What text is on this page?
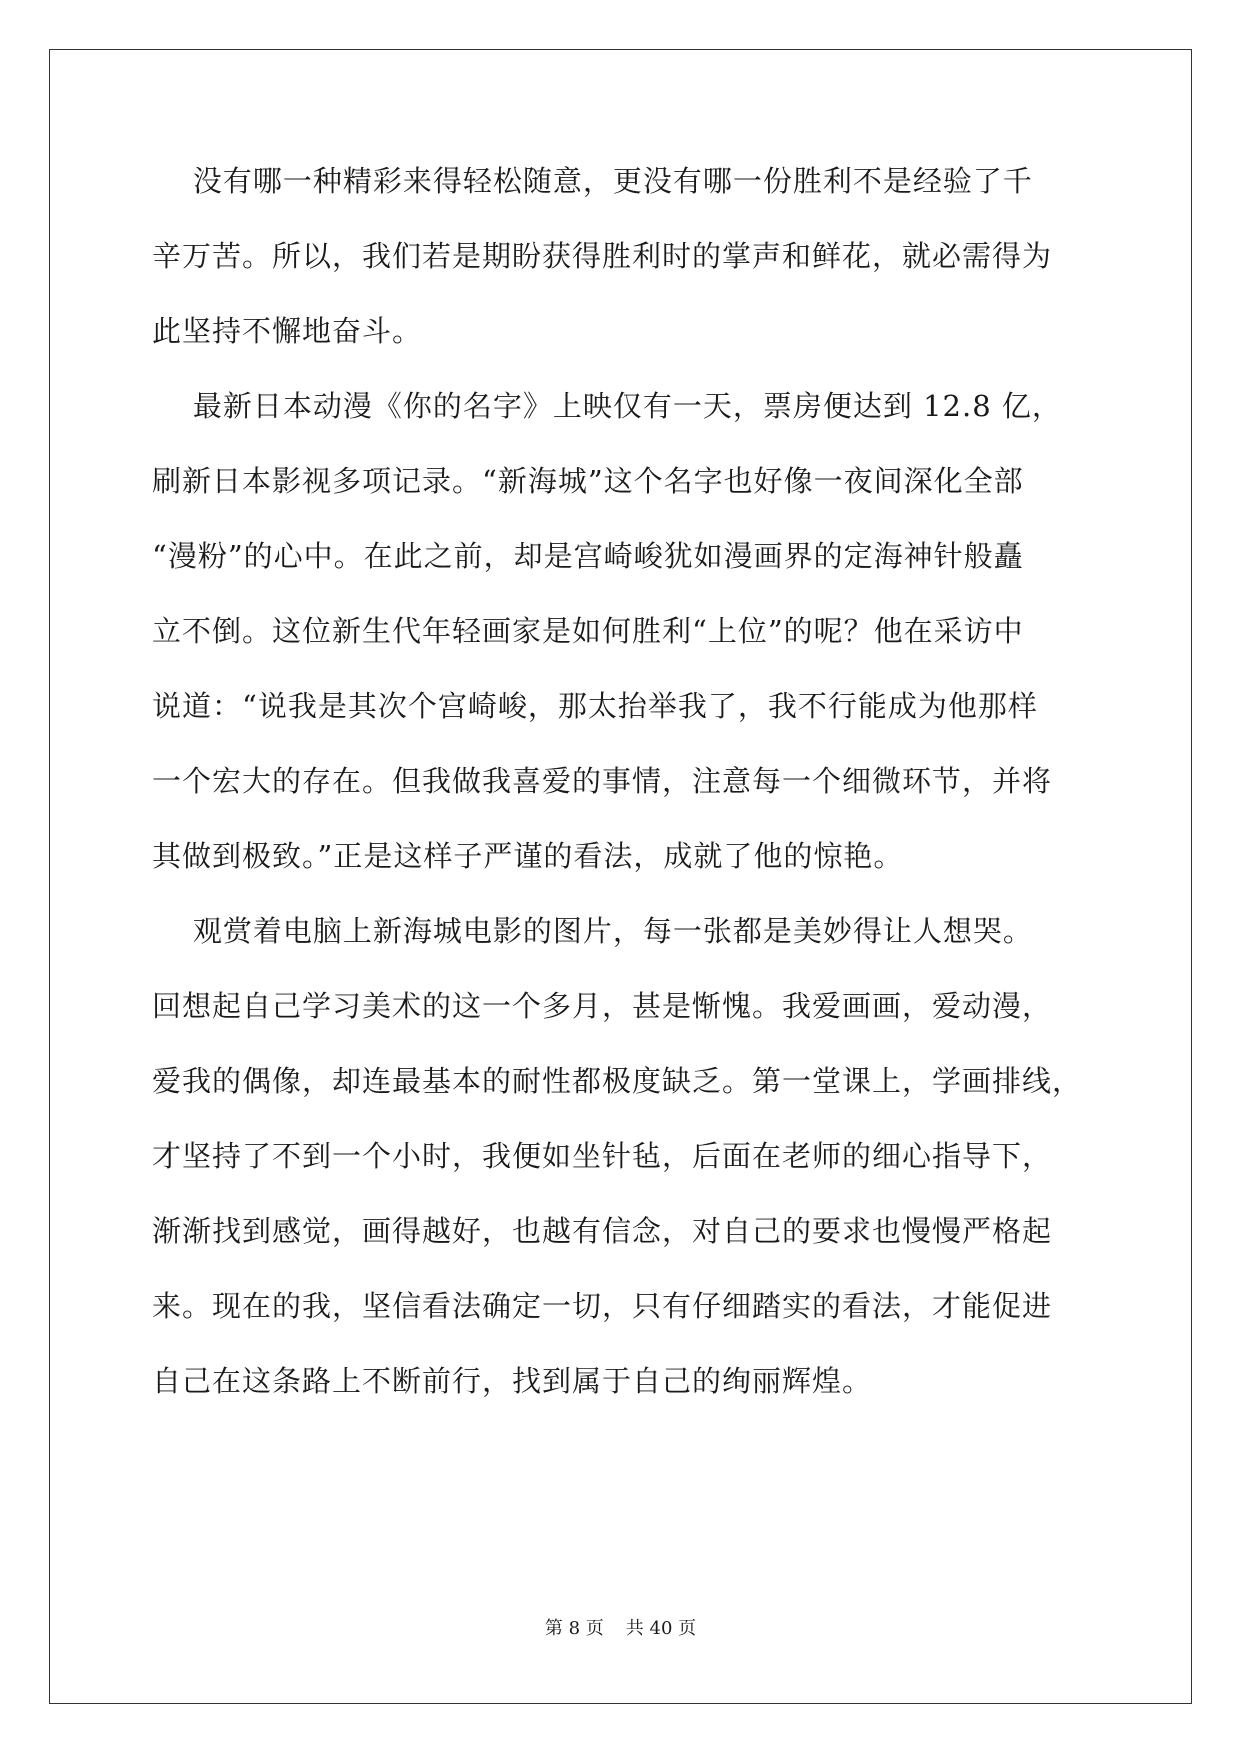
没有哪一种精彩来得轻松随意，更没有哪一份胜利不是经验了千
辛万苦。所以，我们若是期盼获得胜利时的掌声和鲜花，就必需得为
此坚持不懈地奋斗。
最新日本动漫《你的名字》上映仅有一天，票房便达到 12.8 亿，
刷新日本影视多项记录。“新海城”这个名字也好像一夜间深化全部
“漫粉”的心中。在此之前，却是宫崎峻犹如漫画界的定海神针般矗
立不倒。这位新生代年轻画家是如何胜利“上位”的呢？他在采访中
说道：“说我是其次个宫崎峻，那太抬举我了，我不行能成为他那样
一个宏大的存在。但我做我喜爱的事情，注意每一个细微环节，并将
其做到极致。”正是这样子严谨的看法，成就了他的惊艳。
观赏着电脑上新海城电影的图片，每一张都是美妙得让人想哭。
回想起自己学习美术的这一个多月，甚是惭愧。我爱画画，爱动漫，
爱我的偶像，却连最基本的耐性都极度缺乏。第一堂课上，学画排线，
才坚持了不到一个小时，我便如坐针毡，后面在老师的细心指导下，
渐渐找到感觉，画得越好，也越有信念，对自己的要求也慢慢严格起
来。现在的我，坚信看法确定一切，只有仔细踏实的看法，才能促进
自己在这条路上不断前行，找到属于自己的绚丽辉煌。
第 8 页 共 40 页
